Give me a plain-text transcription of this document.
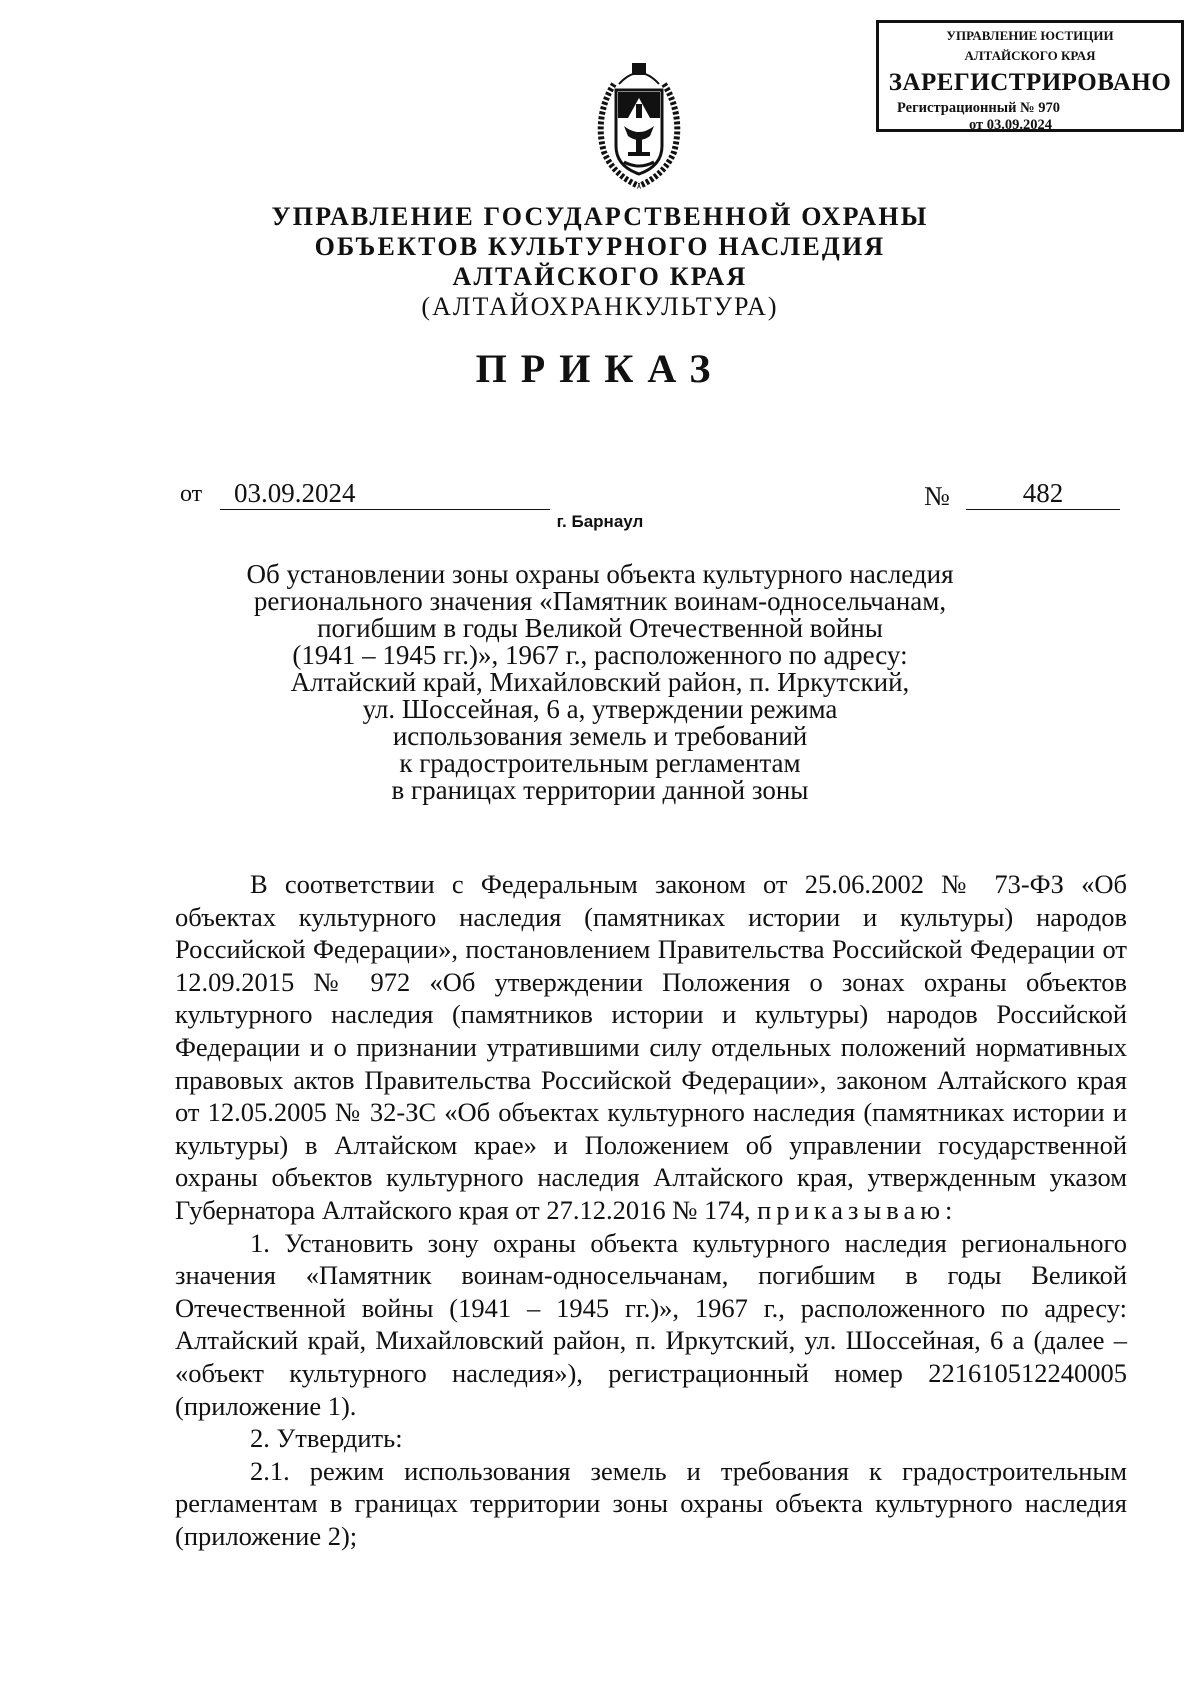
УПРАВЛЕНИЕ ЮСТИЦИИ
АЛТАЙСКОГО КРАЯ
ЗАРЕГИСТРИРОВАНО
Регистрационный № 970
от 03.09.2024
УПРАВЛЕНИЕ ГОСУДАРСТВЕННОЙ ОХРАНЫ
ОБЪЕКТОВ КУЛЬТУРНОГО НАСЛЕДИЯ
АЛТАЙСКОГО КРАЯ
(АЛТАЙОХРАНКУЛЬТУРА)
ПРИКАЗ
от	03.09.2024	№	482
г. Барнаул
Об установлении зоны охраны объекта культурного наследия
регионального значения «Памятник воинам-односельчанам,
погибшим в годы Великой Отечественной войны
(1941 – 1945 гг.)», 1967 г., расположенного по адресу:
Алтайский край, Михайловский район, п. Иркутский,
ул. Шоссейная, 6 а, утверждении режима
использования земель и требований
к градостроительным регламентам
в границах территории данной зоны

В соответствии с Федеральным законом от 25.06.2002 № 73-ФЗ «Об объектах культурного наследия (памятниках истории и культуры) народов Российской Федерации», постановлением Правительства Российской Федерации от 12.09.2015 № 972 «Об утверждении Положения о зонах охраны объектов культурного наследия (памятников истории и культуры) народов Российской Федерации и о признании утратившими силу отдельных положений нормативных правовых актов Правительства Российской Федерации», законом Алтайского края от 12.05.2005 № 32-ЗС «Об объектах культурного наследия (памятниках истории и культуры) в Алтайском крае» и Положением об управлении государственной охраны объектов культурного наследия Алтайского края, утвержденным указом Губернатора Алтайского края от 27.12.2016 № 174, приказываю:

1. Установить зону охраны объекта культурного наследия регионального значения «Памятник воинам-односельчанам, погибшим в годы Великой Отечественной войны (1941 – 1945 гг.)», 1967 г., расположенного по адресу: Алтайский край, Михайловский район, п. Иркутский, ул. Шоссейная, 6 а (далее – «объект культурного наследия»), регистрационный номер 221610512240005 (приложение 1).

2. Утвердить:

2.1. режим использования земель и требования к градостроительным регламентам в границах территории зоны охраны объекта культурного наследия (приложение 2);
